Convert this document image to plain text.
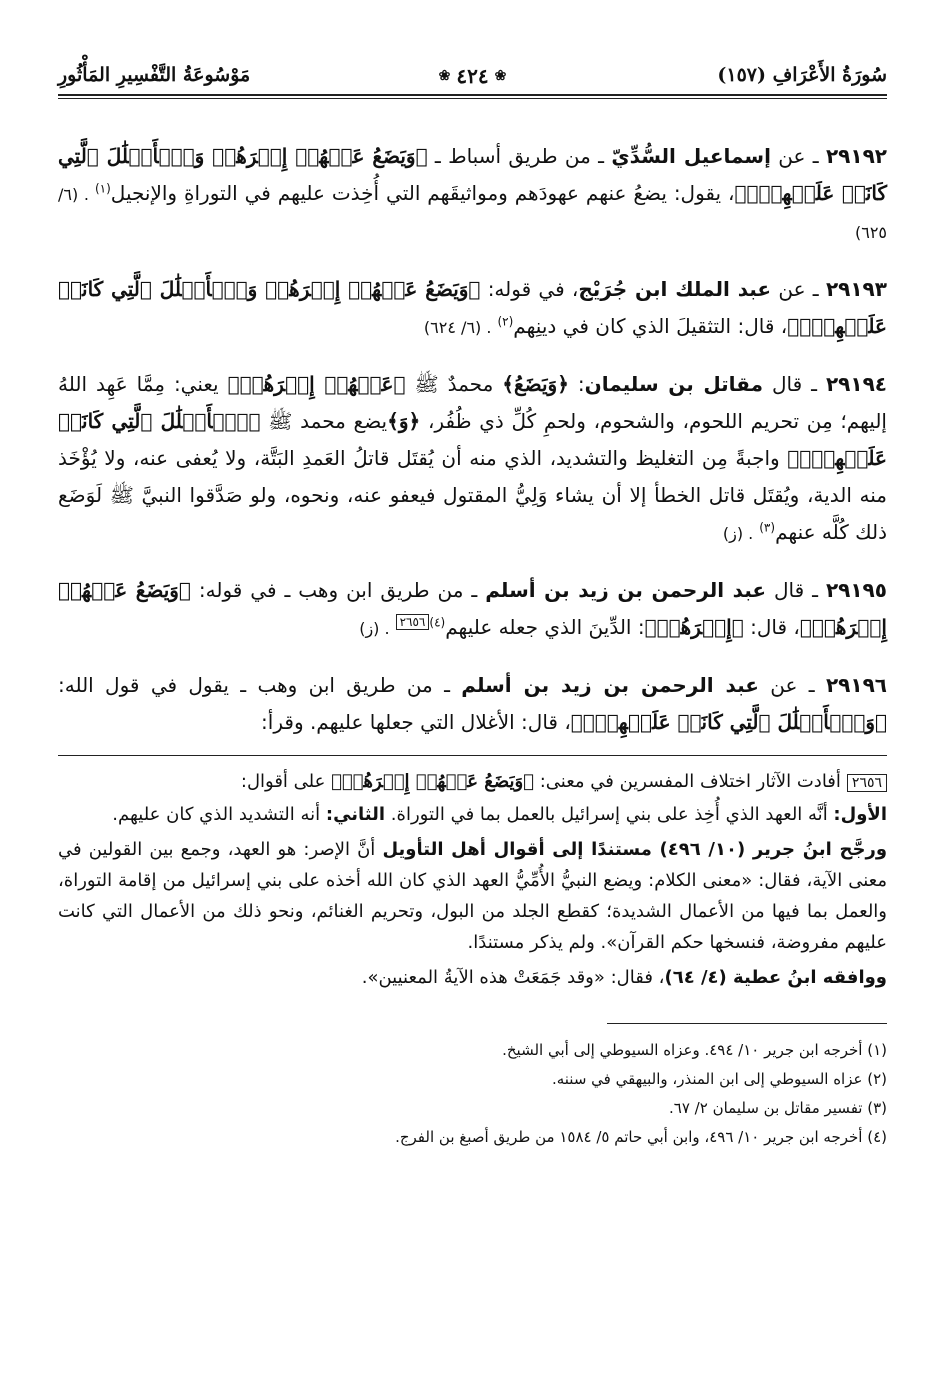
سُورَةُ الأَعْرَافِ (١٥٧)
❀ ٤٢٤ ❀
مَوْسُوعَةُ التَّفْسِيرِ المَأْثُورِ

٢٩١٩٢ ـ عن إسماعيل السُّدِّيّ ـ من طريق أسباط ـ ﴿وَيَضَعُ عَنۡهُمۡ إِصۡرَهُمۡ وَٱلۡأَغۡلَٰلَ ٱلَّتِي كَانَتۡ عَلَيۡهِمۡۚ﴾، يقول: يضعُ عنهم عهودَهم ومواثيقَهم التي أُخِذت عليهم في التوراةِ والإنجيل$^{(١)}$. (٦/ ٦٢٥)

٢٩١٩٣ ـ عن عبد الملك ابن جُرَيْج، في قوله: ﴿وَيَضَعُ عَنۡهُمۡ إِصۡرَهُمۡ وَٱلۡأَغۡلَٰلَ ٱلَّتِي كَانَتۡ عَلَيۡهِمۡۚ﴾، قال: التثقيلَ الذي كان في دينِهم$^{(٢)}$. (٦/ ٦٢٤)

٢٩١٩٤ ـ قال مقاتل بن سليمان: ﴿وَيَضَعُ﴾ محمدٌ ﷺ ﴿عَنۡهُمۡ إِصۡرَهُمۡ﴾ يعني: مِمَّا عَهِد اللهُ إليهم؛ مِن تحريم اللحوم، والشحوم، ولحمِ كُلِّ ذي ظُفُر، ﴿وَ﴾يضع محمد ﷺ ﴿ٱلۡأَغۡلَٰلَ ٱلَّتِي كَانَتۡ عَلَيۡهِمۡۚ﴾ واجبةً مِن التغليظ والتشديد، الذي منه أن يُقتَل قاتلُ العَمدِ البَتَّة، ولا يُعفى عنه، ولا يُؤْخَذ منه الدية، ويُقتَل قاتل الخطأ إلا أن يشاء وَلِيُّ المقتول فيعفو عنه، ونحوه، ولو صَدَّقوا النبيَّ ﷺ لَوَضَع ذلك كُلَّه عنهم$^{(٣)}$. (ز)

٢٩١٩٥ ـ قال عبد الرحمن بن زيد بن أسلم ـ من طريق ابن وهب ـ في قوله: ﴿وَيَضَعُ عَنۡهُمۡ إِصۡرَهُمۡ﴾، قال: ﴿إِصۡرَهُمۡ﴾: الدِّينَ الذي جعله عليهم$^{(٤)٢٦٥٦}$. (ز)

٢٩١٩٦ ـ عن عبد الرحمن بن زيد بن أسلم ـ من طريق ابن وهب ـ يقول في قول الله: ﴿وَٱلۡأَغۡلَٰلَ ٱلَّتِي كَانَتۡ عَلَيۡهِمۡۚ﴾، قال: الأغلال التي جعلها عليهم. وقرأ:

٢٦٥٦أفادت الآثار اختلاف المفسرين في معنى: ﴿وَيَضَعُ عَنۡهُمۡ إِصۡرَهُمۡ﴾ على أقوال:
الأول: أنَّه العهد الذي أُخِذ على بني إسرائيل بالعمل بما في التوراة. الثاني: أنه التشديد الذي كان عليهم.

ورجَّح ابنُ جرير (١٠/ ٤٩٦) مستندًا إلى أقوال أهل التأويل أنَّ الإصر: هو العهد، وجمع بين القولين في معنى الآية، فقال: «معنى الكلام: ويضع النبيُّ الأُمِّيُّ العهد الذي كان الله أخذه على بني إسرائيل من إقامة التوراة، والعمل بما فيها من الأعمال الشديدة؛ كقطع الجلد من البول، وتحريم الغنائم، ونحو ذلك من الأعمال التي كانت عليهم مفروضة، فنسخها حكم القرآن». ولم يذكر مستندًا.

ووافقه ابنُ عطية (٤/ ٦٤)، فقال: «وقد جَمَعَتْ هذه الآيةُ المعنيين».

(١) أخرجه ابن جرير ١٠/ ٤٩٤. وعزاه السيوطي إلى أبي الشيخ.
(٢) عزاه السيوطي إلى ابن المنذر، والبيهقي في سننه.
(٣) تفسير مقاتل بن سليمان ٢/ ٦٧.
(٤) أخرجه ابن جرير ١٠/ ٤٩٦، وابن أبي حاتم ٥/ ١٥٨٤ من طريق أصبغ بن الفرج.
